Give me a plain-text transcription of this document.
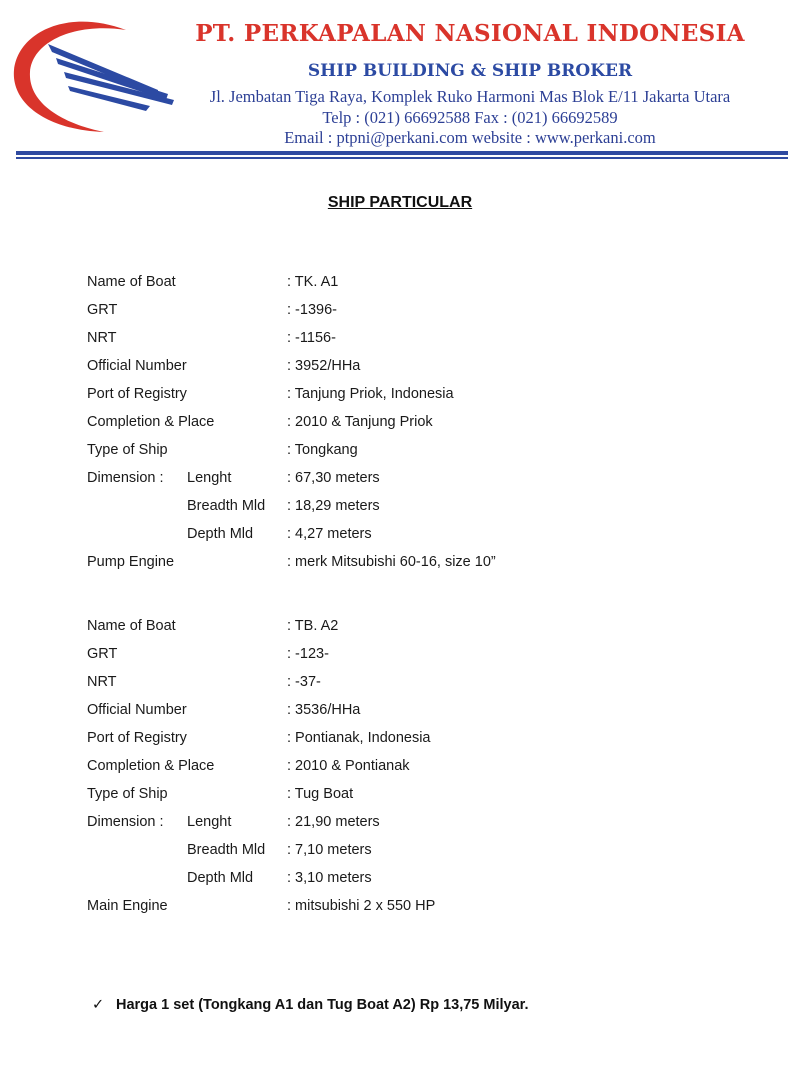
PT. PERKAPALAN NASIONAL INDONESIA
SHIP BUILDING & SHIP BROKER
Jl. Jembatan Tiga Raya, Komplek Ruko Harmoni Mas Blok E/11 Jakarta Utara
Telp : (021) 66692588 Fax : (021) 66692589
Email : ptpni@perkani.com website : www.perkani.com
SHIP PARTICULAR
Name of Boat	: TK. A1
GRT	: -1396-
NRT	: -1156-
Official Number	: 3952/HHa
Port of Registry	: Tanjung Priok, Indonesia
Completion & Place	: 2010 & Tanjung Priok
Type of Ship	: Tongkang
Dimension : Lenght	: 67,30 meters
Breadth Mld : 18,29 meters
Depth Mld : 4,27 meters
Pump Engine	: merk Mitsubishi 60-16, size 10”
Name of Boat	: TB. A2
GRT	: -123-
NRT	: -37-
Official Number	: 3536/HHa
Port of Registry	: Pontianak, Indonesia
Completion & Place	: 2010 & Pontianak
Type of Ship	: Tug Boat
Dimension : Lenght	: 21,90 meters
Breadth Mld : 7,10 meters
Depth Mld : 3,10 meters
Main Engine	: mitsubishi 2 x 550 HP
✓ Harga 1 set (Tongkang A1 dan Tug Boat A2) Rp 13,75 Milyar.
